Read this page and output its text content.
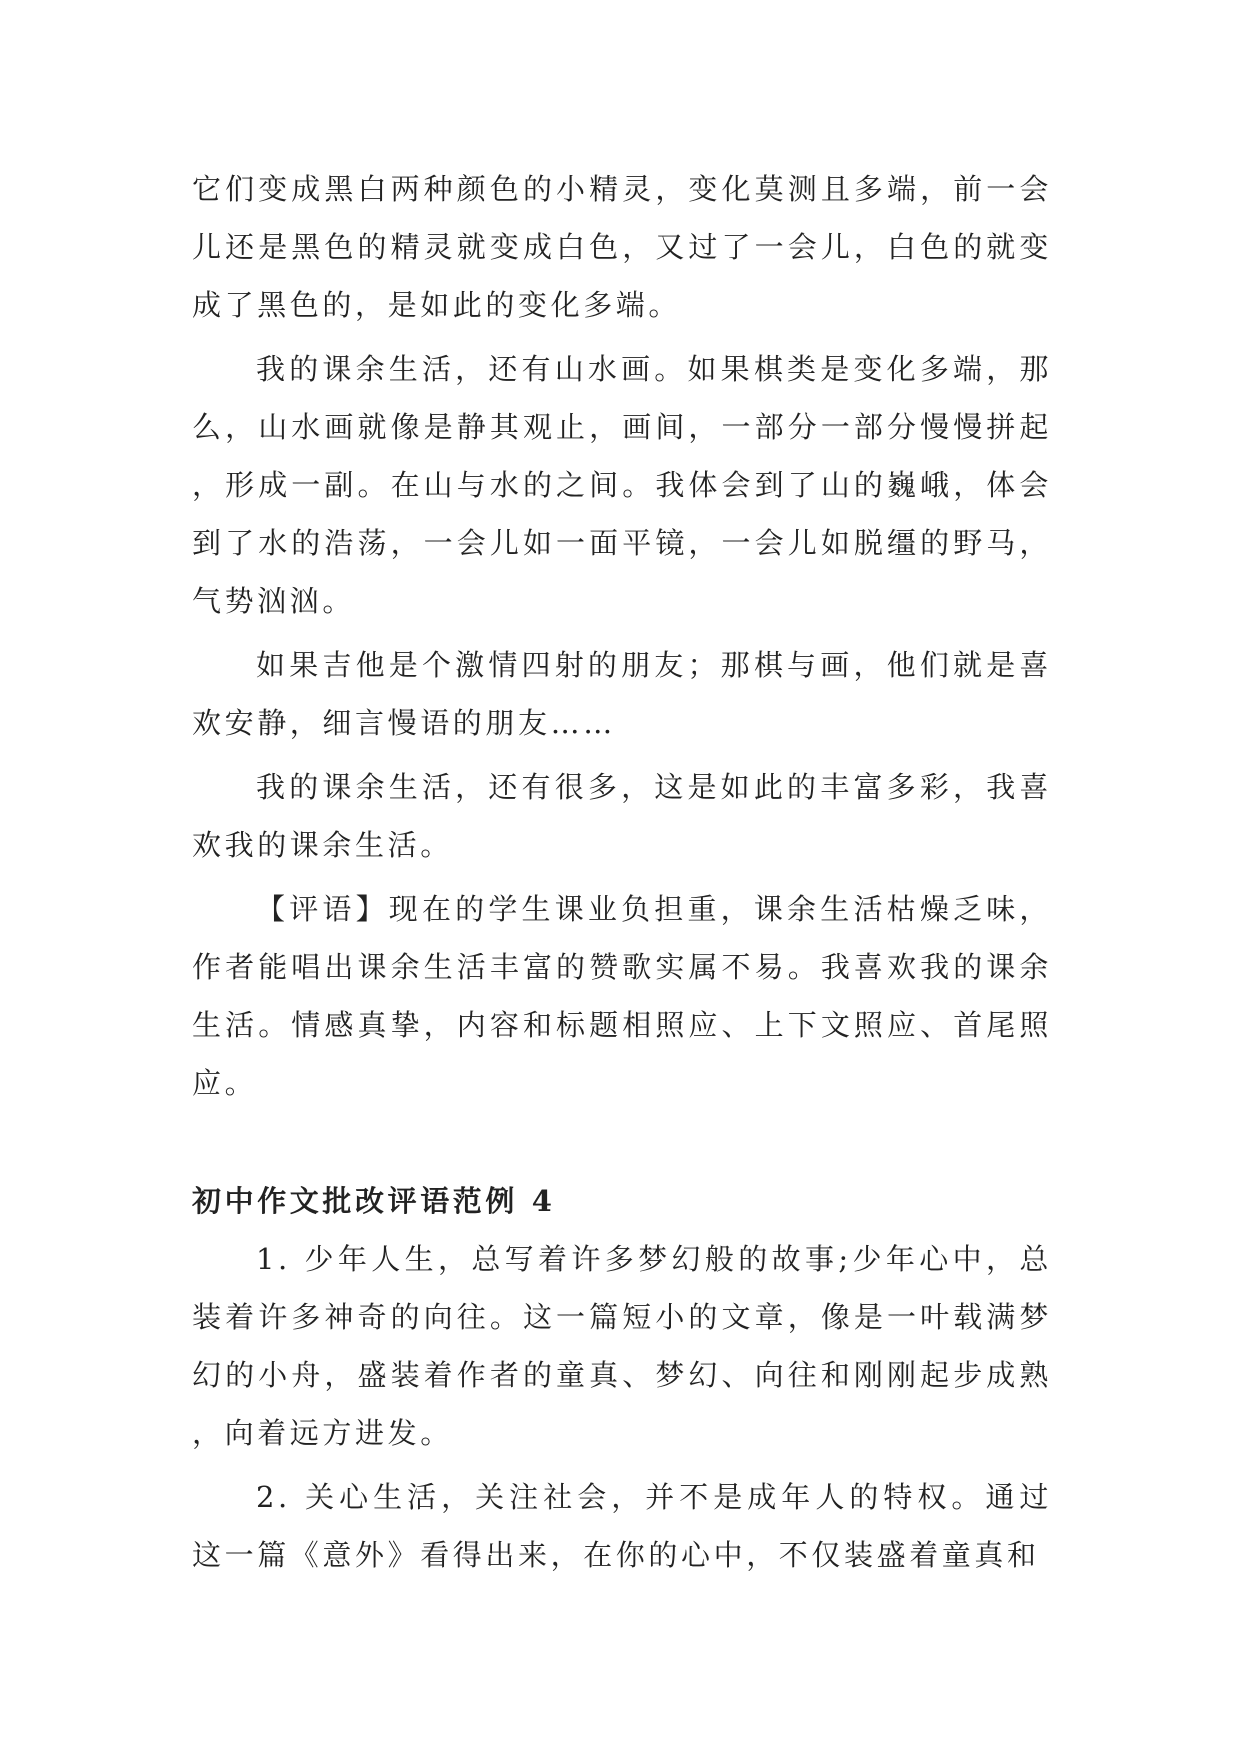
它们变成黑白两种颜色的小精灵，变化莫测且多端，前一会儿还是黑色的精灵就变成白色，又过了一会儿，白色的就变成了黑色的，是如此的变化多端。

我的课余生活，还有山水画。如果棋类是变化多端，那么，山水画就像是静其观止，画间，一部分一部分慢慢拼起，形成一副。在山与水的之间。我体会到了山的巍峨，体会到了水的浩荡，一会儿如一面平镜，一会儿如脱缰的野马，气势汹汹。

如果吉他是个激情四射的朋友；那棋与画，他们就是喜欢安静，细言慢语的朋友……

我的课余生活，还有很多，这是如此的丰富多彩，我喜欢我的课余生活。

【评语】现在的学生课业负担重，课余生活枯燥乏味，作者能唱出课余生活丰富的赞歌实属不易。我喜欢我的课余生活。情感真挚，内容和标题相照应、上下文照应、首尾照应。

初中作文批改评语范例 4

1. 少年人生，总写着许多梦幻般的故事;少年心中，总装着许多神奇的向往。这一篇短小的文章，像是一叶载满梦幻的小舟，盛装着作者的童真、梦幻、向往和刚刚起步成熟，向着远方进发。

2. 关心生活，关注社会，并不是成年人的特权。通过这一篇《意外》看得出来，在你的心中，不仅装盛着童真和
